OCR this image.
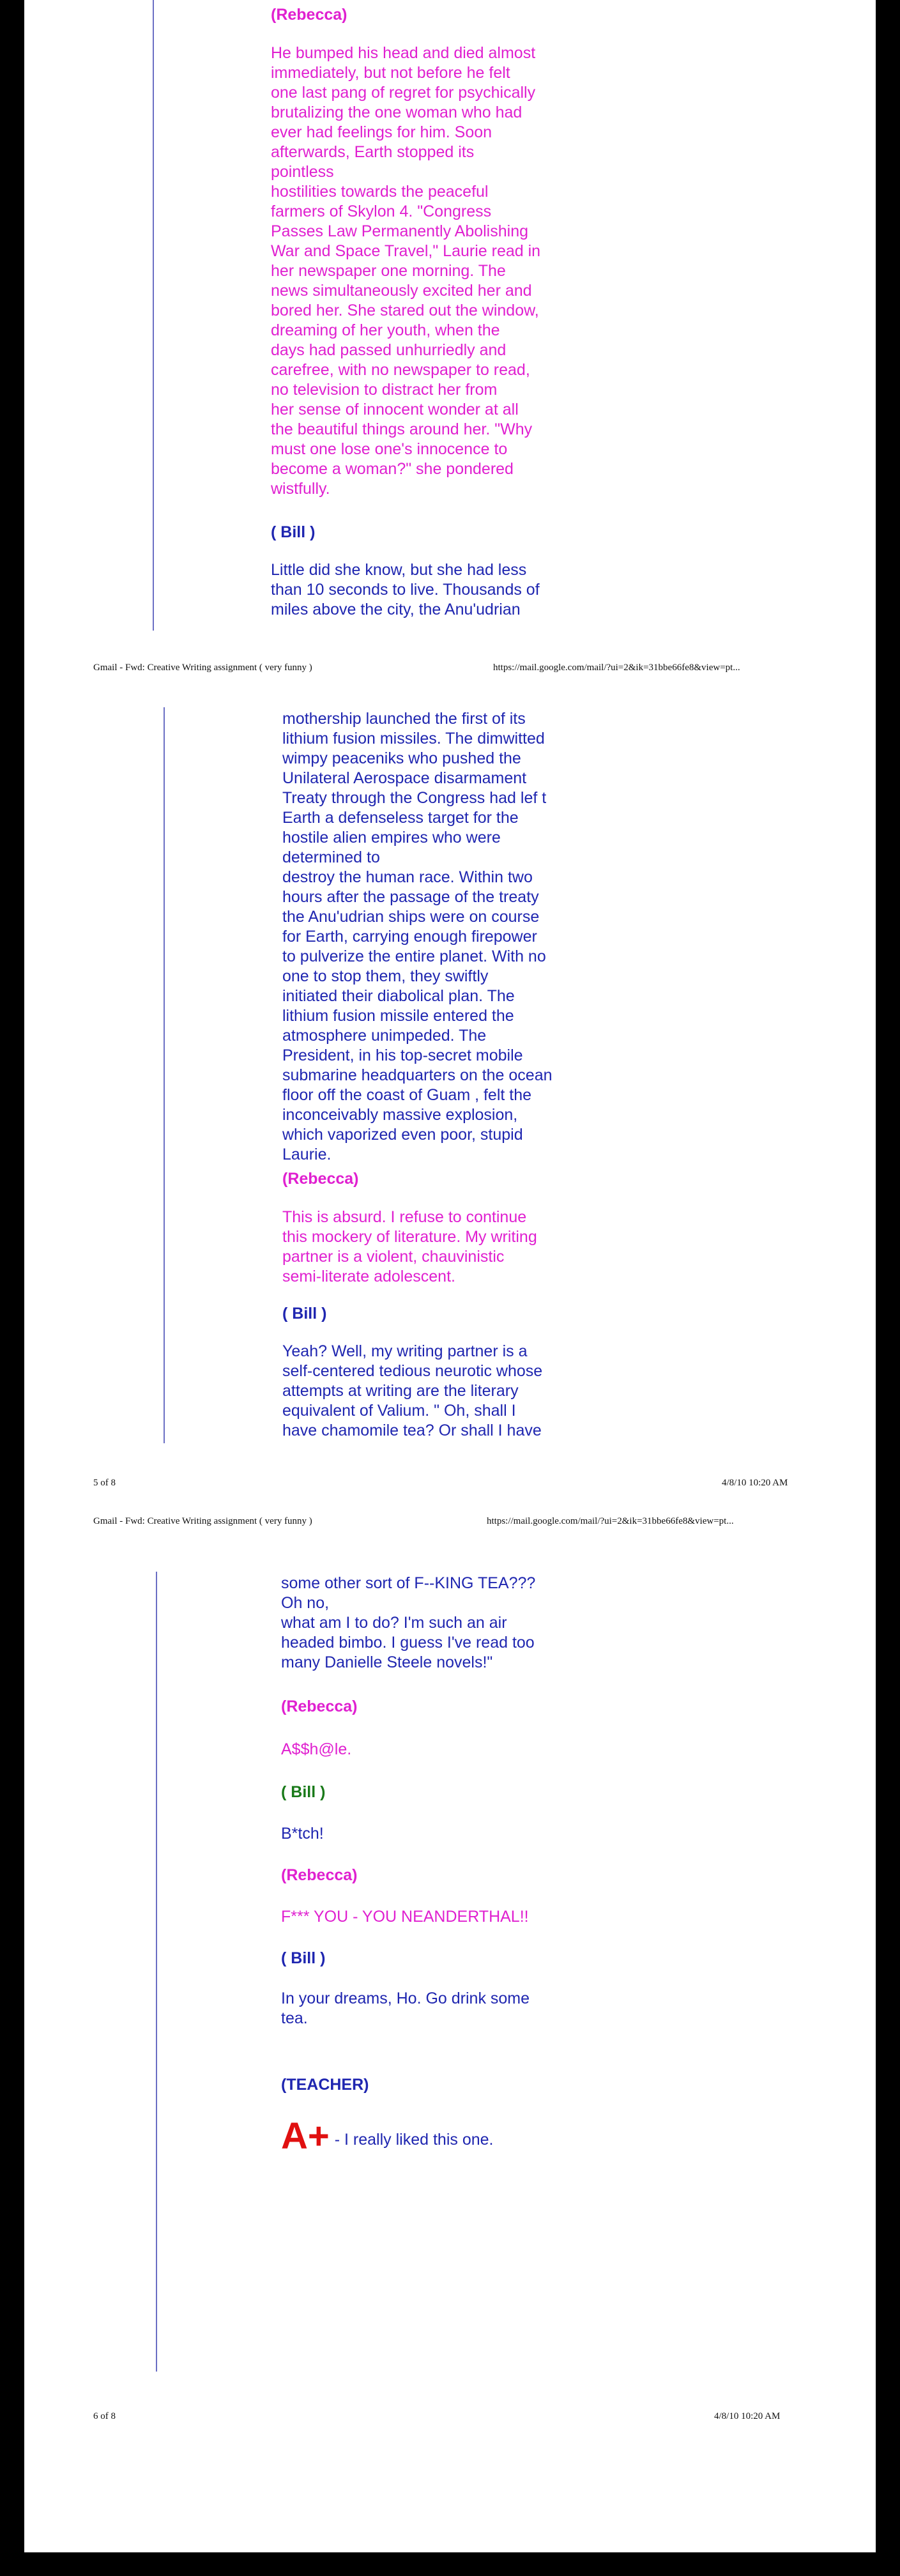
(Rebecca)
He bumped his head and died almost
immediately, but not before he felt
one last pang of regret for psychically
brutalizing the one woman who had
ever had feelings for him. Soon
afterwards, Earth stopped its
pointless
hostilities towards the peaceful
farmers of Skylon 4. "Congress
Passes Law Permanently Abolishing
War and Space Travel," Laurie read in
her newspaper one morning. The
news simultaneously excited her and
bored her. She stared out the window,
dreaming of her youth, when the
days had passed unhurriedly and
carefree, with no newspaper to read,
no television to distract her from
her sense of innocent wonder at all
the beautiful things around her. "Why
must one lose one's innocence to
become a woman?" she pondered
wistfully.
( Bill )
Little did she know, but she had less
than 10 seconds to live. Thousands of
miles above the city, the Anu'udrian
Gmail - Fwd: Creative Writing assignment ( very funny )	https://mail.google.com/mail/?ui=2&ik=31bbe66fe8&view=pt...
mothership launched the first of its
lithium fusion missiles. The dimwitted
wimpy peaceniks who pushed the
Unilateral Aerospace disarmament
Treaty through the Congress had lef t
Earth a defenseless target for the
hostile alien empires who were
determined to
destroy the human race. Within two
hours after the passage of the treaty
the Anu'udrian ships were on course
for Earth, carrying enough firepower
to pulverize the entire planet. With no
one to stop them, they swiftly
initiated their diabolical plan. The
lithium fusion missile entered the
atmosphere unimpeded. The
President, in his top-secret mobile
submarine headquarters on the ocean
floor off the coast of Guam , felt the
inconceivably massive explosion,
which vaporized even poor, stupid
Laurie.
(Rebecca)
This is absurd. I refuse to continue
this mockery of literature. My writing
partner is a violent, chauvinistic
semi-literate adolescent.
( Bill )
Yeah? Well, my writing partner is a
self-centered tedious neurotic whose
attempts at writing are the literary
equivalent of Valium. " Oh, shall I
have chamomile tea? Or shall I have
5 of 8	4/8/10 10:20 AM
Gmail - Fwd: Creative Writing assignment ( very funny )	https://mail.google.com/mail/?ui=2&ik=31bbe66fe8&view=pt...
some other sort of F--KING TEA???
Oh no,
what am I to do? I'm such an air
headed bimbo. I guess I've read too
many Danielle Steele novels!"
(Rebecca)
A$$h@le.
( Bill )
B*tch!
(Rebecca)
F*** YOU - YOU NEANDERTHAL!!
( Bill )
In your dreams, Ho. Go drink some
tea.
(TEACHER)
A+ - I really liked this one.
6 of 8	4/8/10 10:20 AM
